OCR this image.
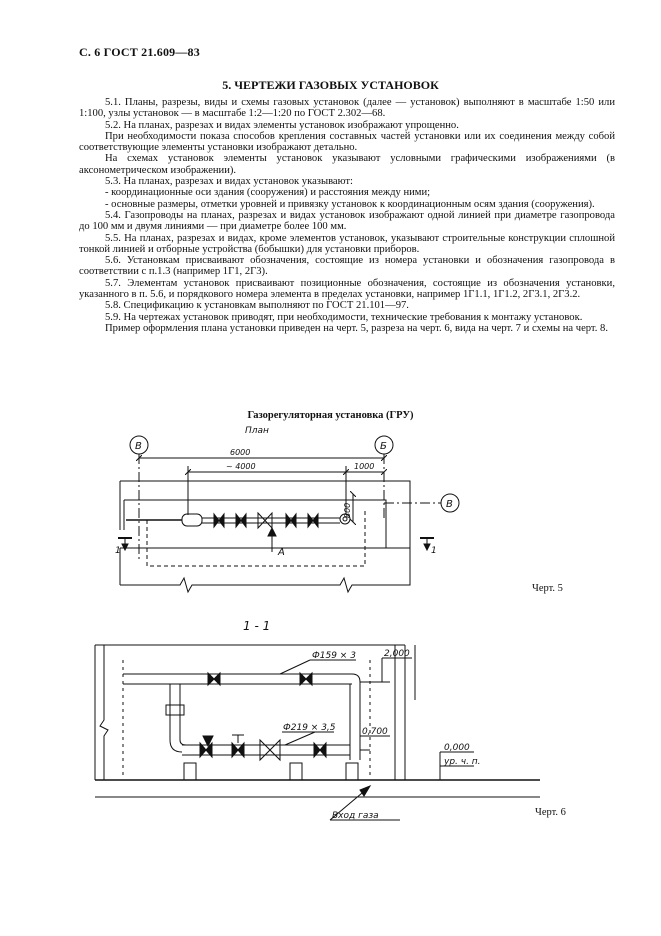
С. 6 ГОСТ 21.609—83
5. ЧЕРТЕЖИ ГАЗОВЫХ УСТАНОВОК

5.1. Планы, разрезы, виды и схемы газовых установок (далее — установок) выполняют в масштабе 1:50 или 1:100, узлы установок — в масштабе 1:2—1:20 по ГОСТ 2.302—68.

5.2. На планах, разрезах и видах элементы установок изображают упрощенно.

При необходимости показа способов крепления составных частей установки или их соединения между собой соответствующие элементы установки изображают детально.

На схемах установок элементы установок указывают условными графическими изображениями (в аксонометрическом изображении).

5.3. На планах, разрезах и видах установок указывают:

- координационные оси здания (сооружения) и расстояния между ними;

- основные размеры, отметки уровней и привязку установок к координационным осям здания (сооружения).

5.4. Газопроводы на планах, разрезах и видах установок изображают одной линией при диаметре газопровода до 100 мм и двумя линиями — при диаметре более 100 мм.

5.5. На планах, разрезах и видах, кроме элементов установок, указывают строительные конструкции сплошной тонкой линией и отборные устройства (бобышки) для установки приборов.

5.6. Установкам присваивают обозначения, состоящие из номера установки и обозначения газопровода в соответствии с п.1.3 (например 1Г1, 2Г3).

5.7. Элементам установок присваивают позиционные обозначения, состоящие из обозначения установки, указанного в п. 5.6, и порядкового номера элемента в пределах установки, например 1Г1.1, 1Г1.2, 2Г3.1, 2Г3.2.

5.8. Спецификацию к установкам выполняют по ГОСТ 21.101—97.

5.9. На чертежах установок приводят, при необходимости, технические требования к монтажу установок.

Пример оформления плана установки приведен на черт. 5, разреза на черт. 6, вида на черт. 7 и схемы на черт. 8.

Газорегуляторная установка (ГРУ)
План
В	Б
В
6000
~ 4000	1000
800
А
1	1
1 - 1
Ф159 × 3
Ф219 × 3,5
2,000
0,700
0,000
ур. ч. п.
Вход газа
Черт. 5
Черт. 6
